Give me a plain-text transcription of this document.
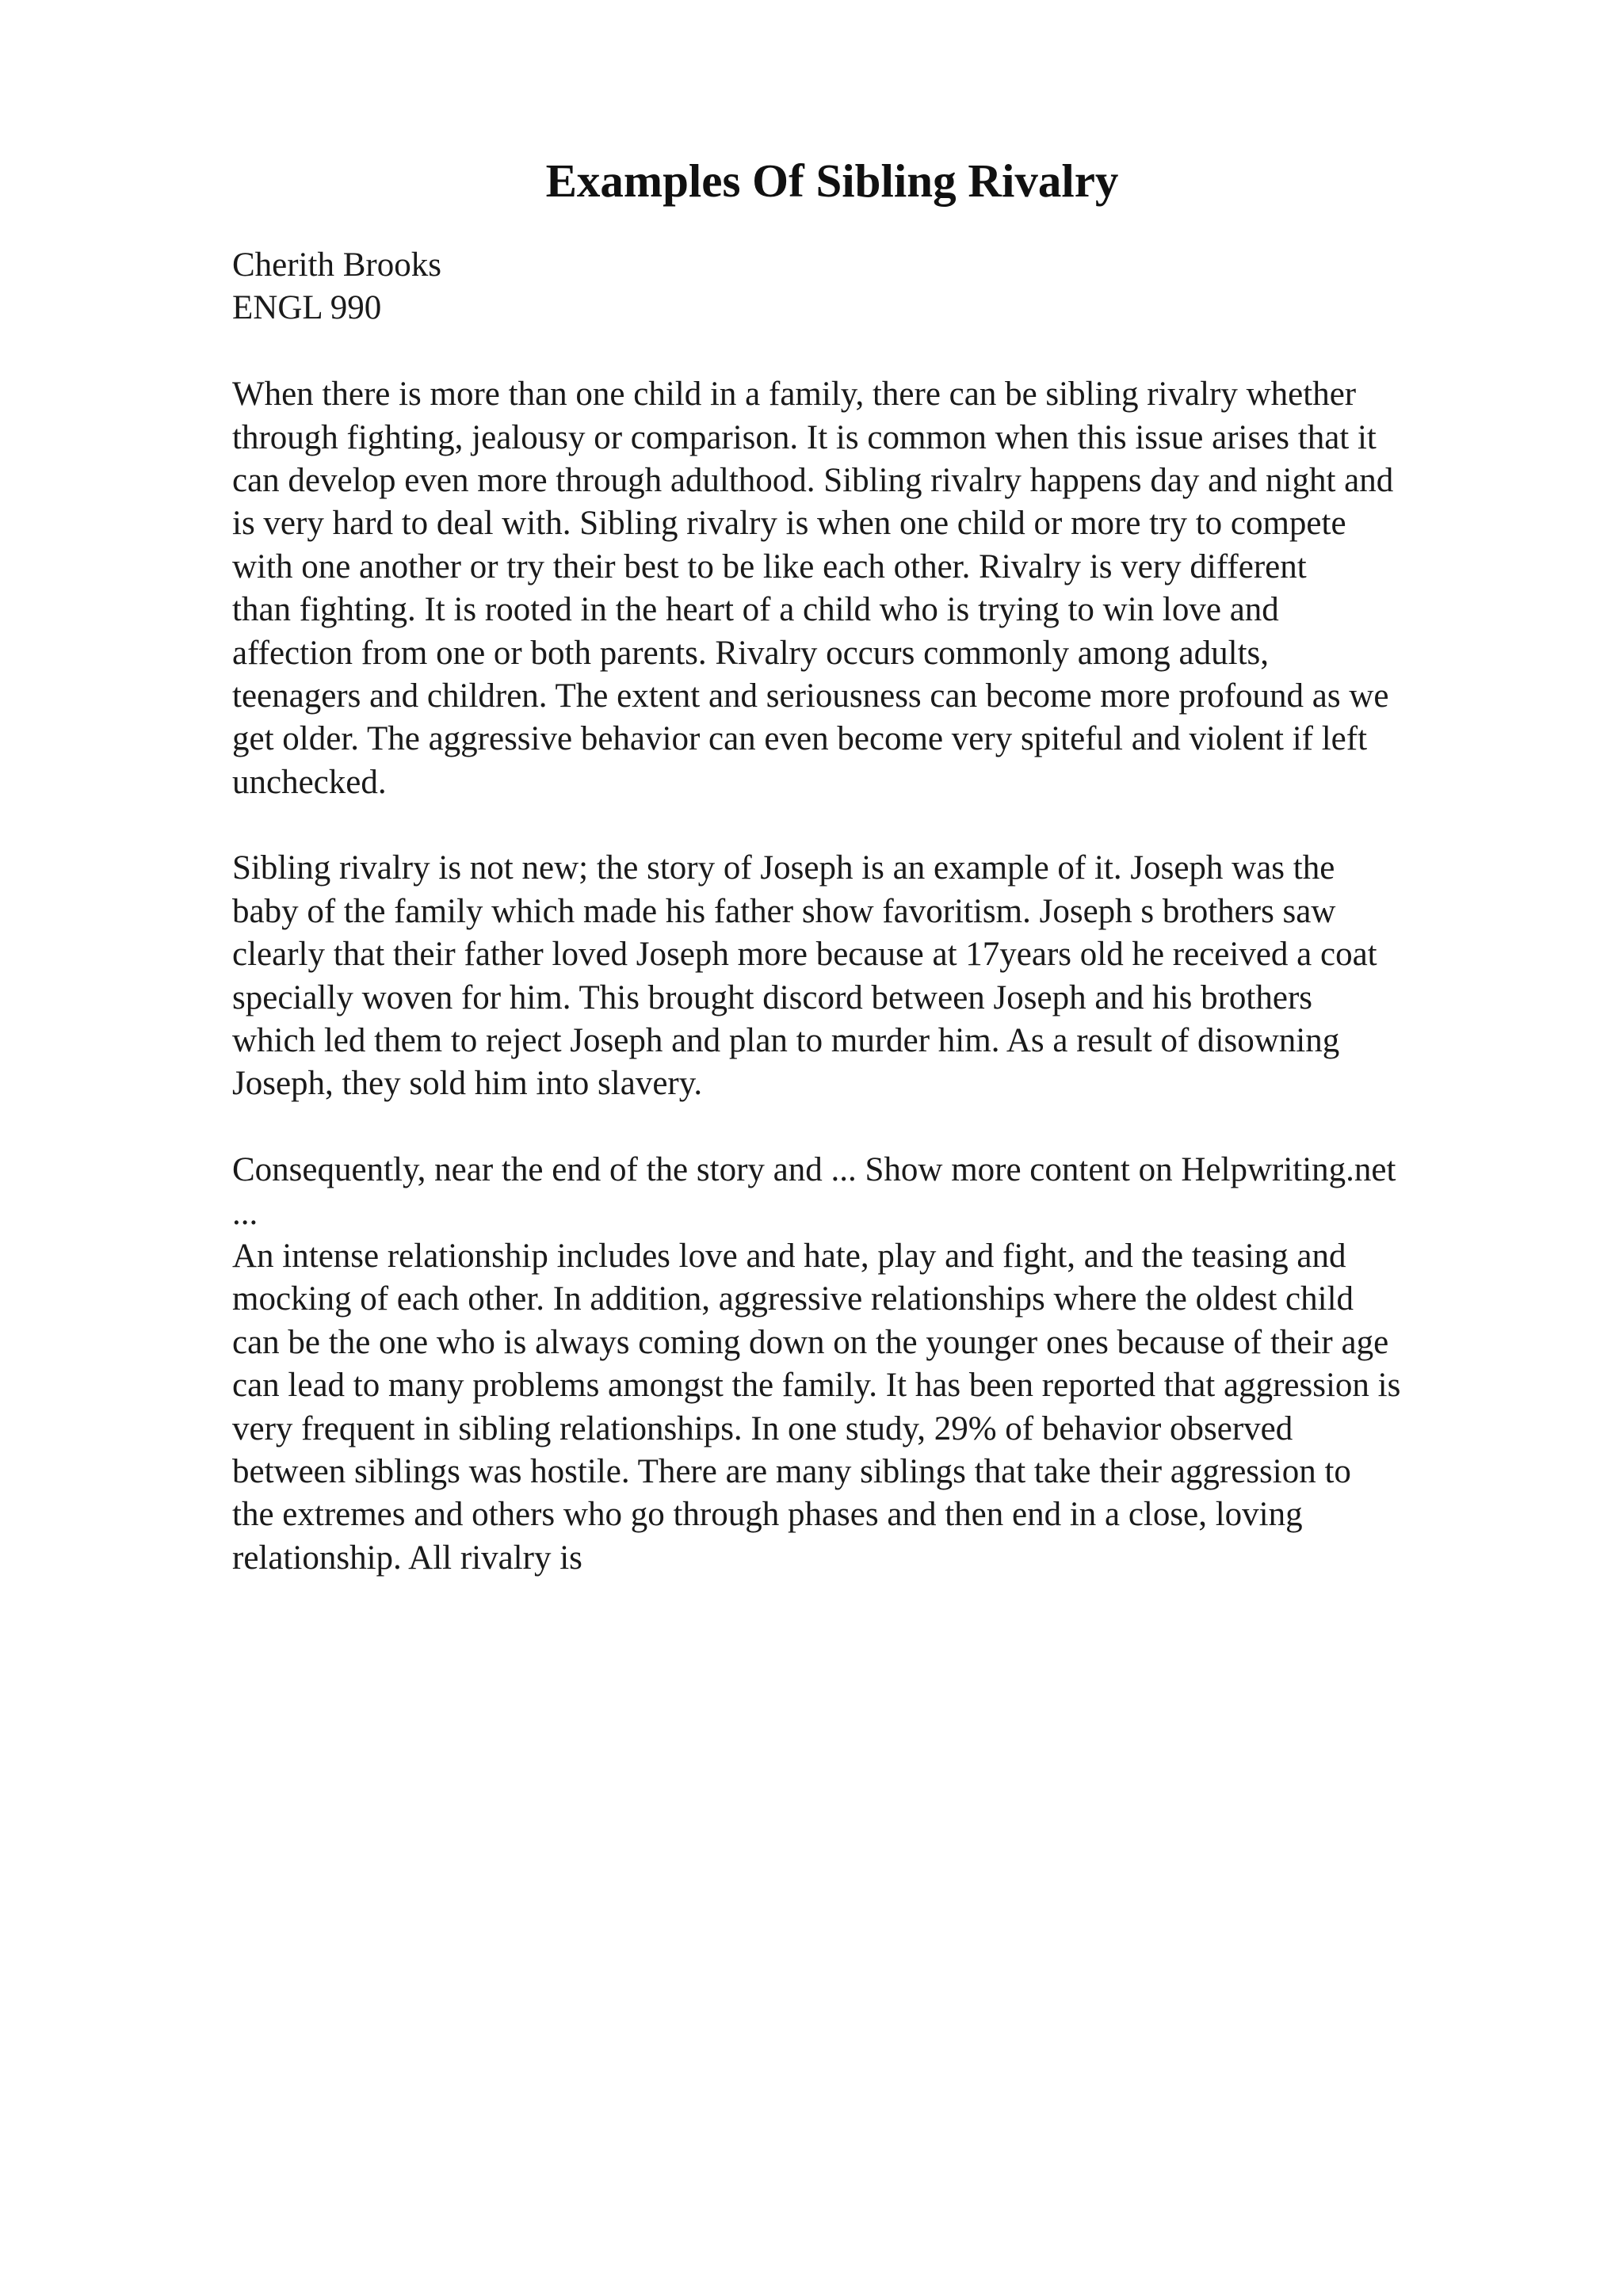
Examples Of Sibling Rivalry
Cherith Brooks
ENGL 990
When there is more than one child in a family, there can be sibling rivalry whether
through fighting, jealousy or comparison. It is common when this issue arises that it
can develop even more through adulthood. Sibling rivalry happens day and night and
is very hard to deal with. Sibling rivalry is when one child or more try to compete
with one another or try their best to be like each other. Rivalry is very different
than fighting. It is rooted in the heart of a child who is trying to win love and
affection from one or both parents. Rivalry occurs commonly among adults,
teenagers and children. The extent and seriousness can become more profound as we
get older. The aggressive behavior can even become very spiteful and violent if left
unchecked.
Sibling rivalry is not new; the story of Joseph is an example of it. Joseph was the
baby of the family which made his father show favoritism. Joseph s brothers saw
clearly that their father loved Joseph more because at 17years old he received a coat
specially woven for him. This brought discord between Joseph and his brothers
which led them to reject Joseph and plan to murder him. As a result of disowning
Joseph, they sold him into slavery.
Consequently, near the end of the story and ... Show more content on Helpwriting.net
...
An intense relationship includes love and hate, play and fight, and the teasing and
mocking of each other. In addition, aggressive relationships where the oldest child
can be the one who is always coming down on the younger ones because of their age
can lead to many problems amongst the family. It has been reported that aggression is
very frequent in sibling relationships. In one study, 29% of behavior observed
between siblings was hostile. There are many siblings that take their aggression to
the extremes and others who go through phases and then end in a close, loving
relationship. All rivalry is
